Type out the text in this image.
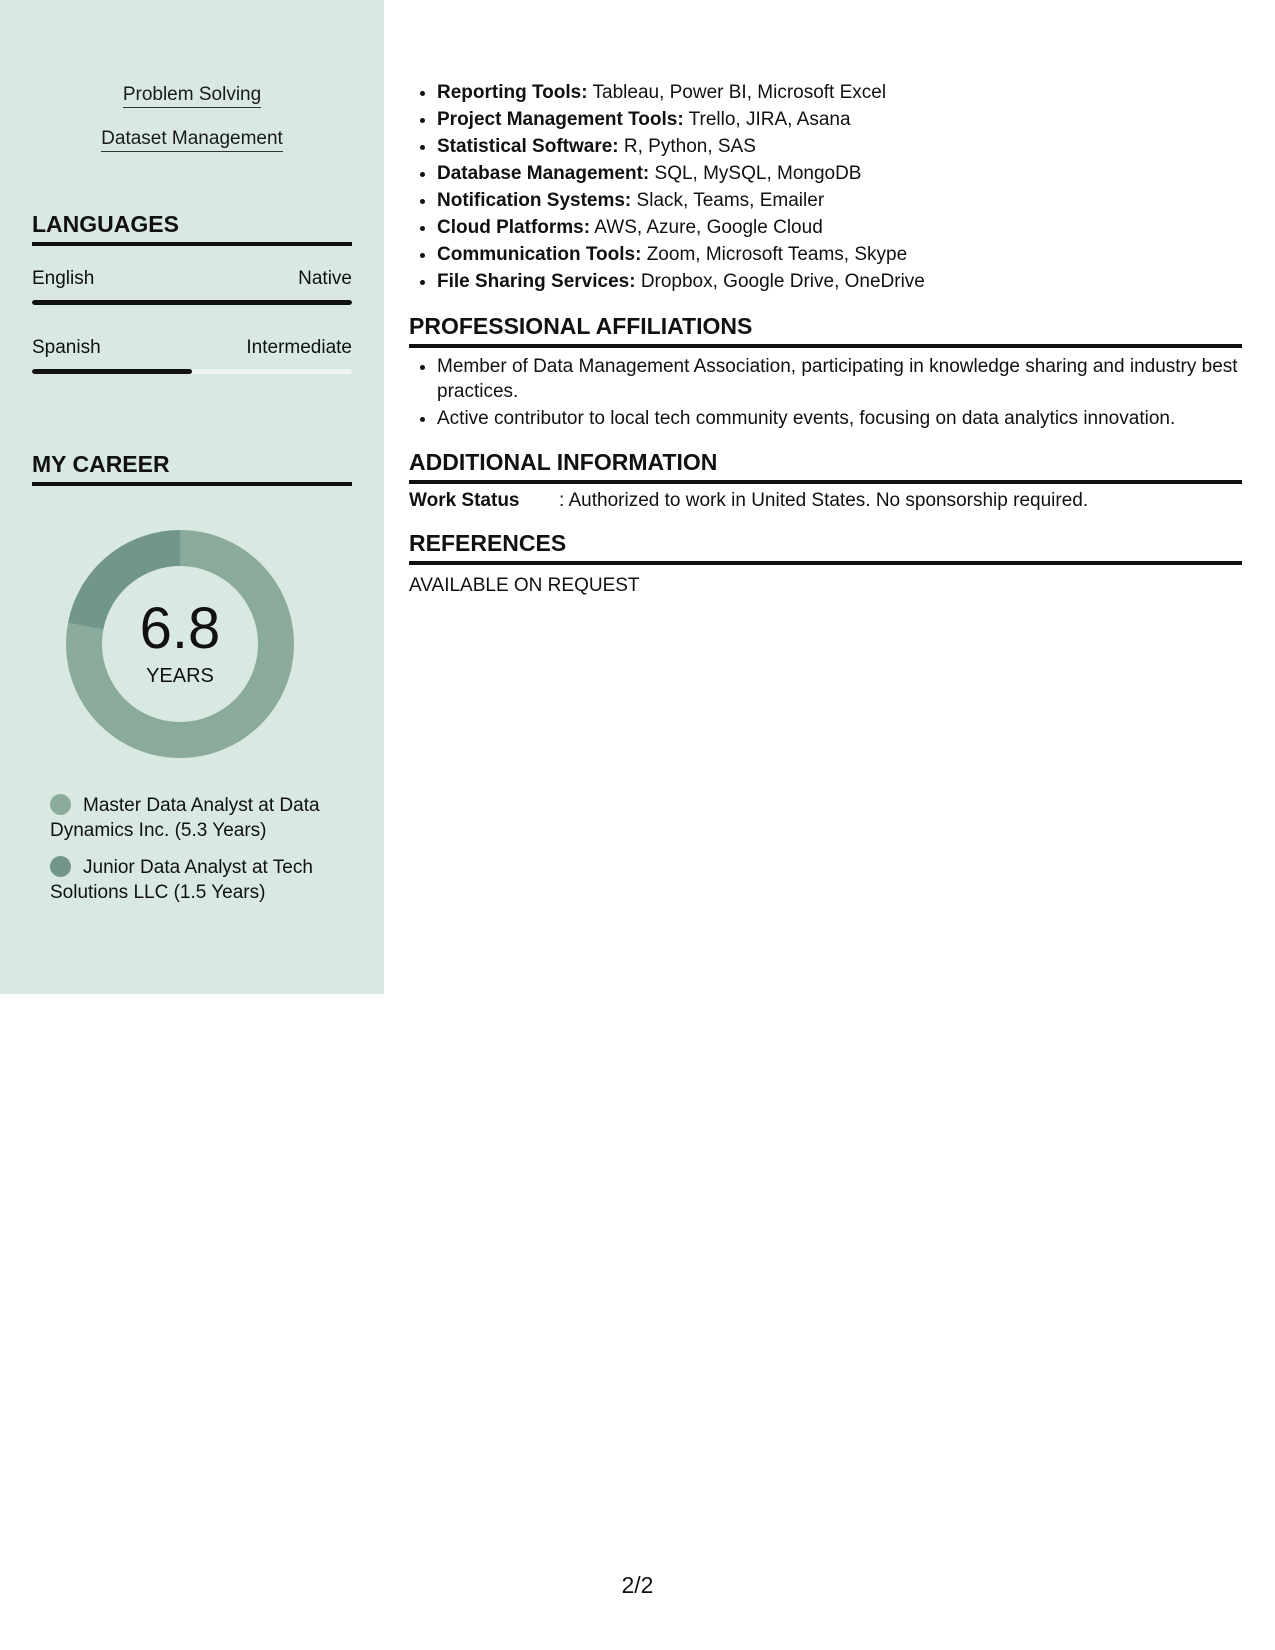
Problem Solving
Dataset Management
LANGUAGES
English	Native
Spanish	Intermediate
MY CAREER
6.8
YEARS
Master Data Analyst at Data Dynamics Inc. (5.3 Years)
Junior Data Analyst at Tech Solutions LLC (1.5 Years)
• Reporting Tools: Tableau, Power BI, Microsoft Excel
• Project Management Tools: Trello, JIRA, Asana
• Statistical Software: R, Python, SAS
• Database Management: SQL, MySQL, MongoDB
• Notification Systems: Slack, Teams, Emailer
• Cloud Platforms: AWS, Azure, Google Cloud
• Communication Tools: Zoom, Microsoft Teams, Skype
• File Sharing Services: Dropbox, Google Drive, OneDrive
PROFESSIONAL AFFILIATIONS
• Member of Data Management Association, participating in knowledge sharing and industry best practices.
• Active contributor to local tech community events, focusing on data analytics innovation.
ADDITIONAL INFORMATION
Work Status : Authorized to work in United States. No sponsorship required.
REFERENCES
AVAILABLE ON REQUEST
2/2
